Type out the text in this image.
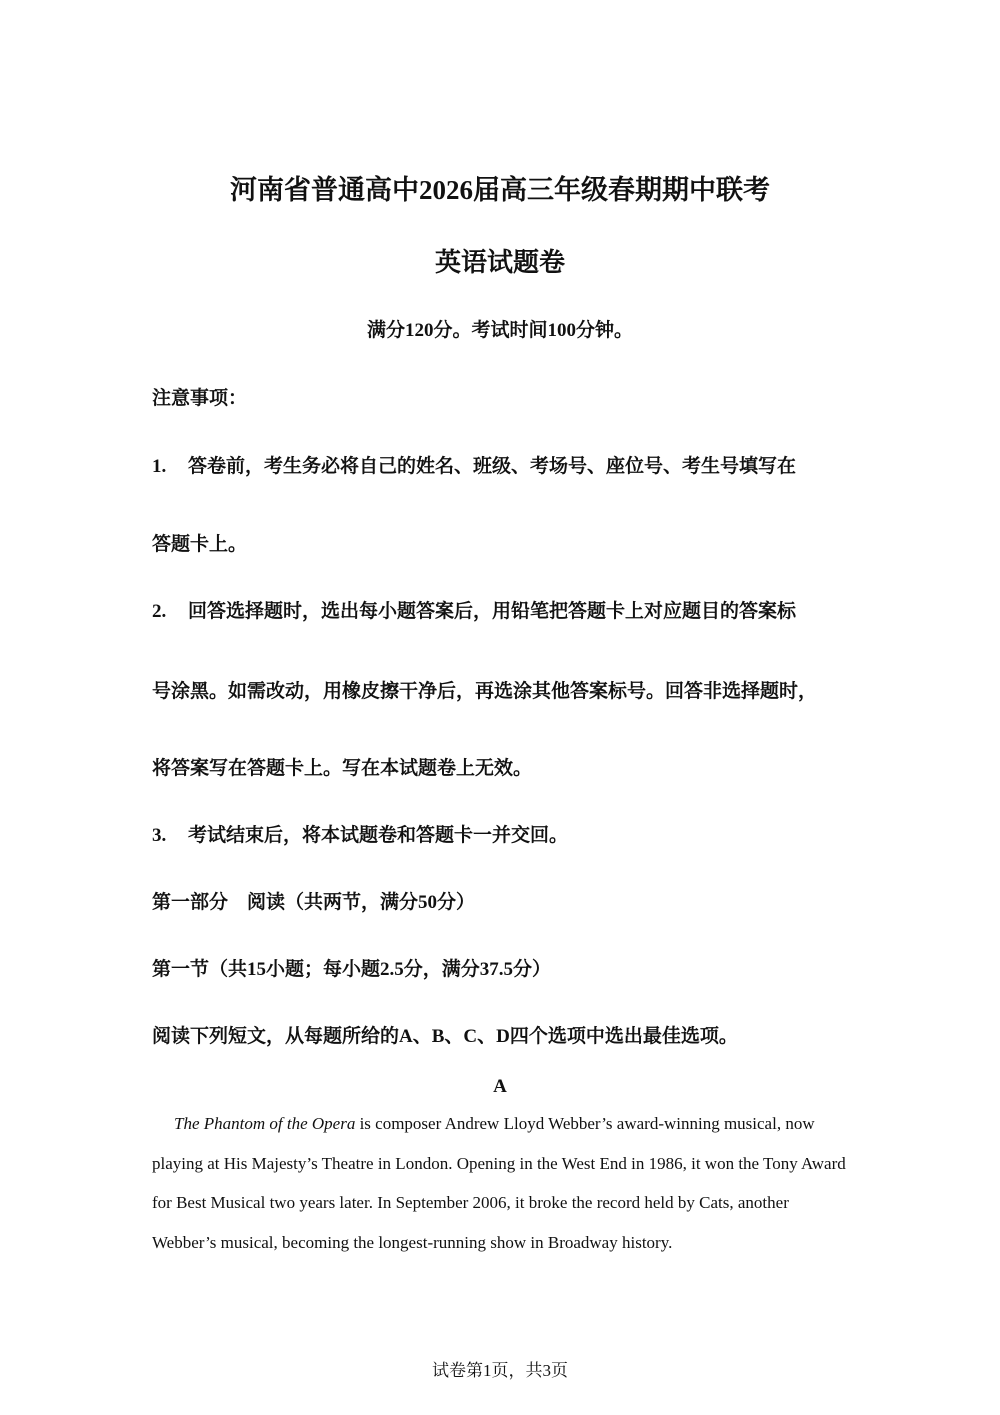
河南省普通高中2026届高三年级春期期中联考
英语试题卷
满分120分。考试时间100分钟。
注意事项：
1. 答卷前，考生务必将自己的姓名、班级、考场号、座位号、考生号填写在
答题卡上。
2. 回答选择题时，选出每小题答案后，用铅笔把答题卡上对应题目的答案标
号涂黑。如需改动，用橡皮擦干净后，再选涂其他答案标号。回答非选择题时，
将答案写在答题卡上。写在本试题卷上无效。
3. 考试结束后，将本试题卷和答题卡一并交回。
第一部分　阅读（共两节，满分50分）
第一节（共15小题；每小题2.5分，满分37.5分）
阅读下列短文，从每题所给的A、B、C、D四个选项中选出最佳选项。
A
The Phantom of the Opera is composer Andrew Lloyd Webber’s award-winning musical, now playing at His Majesty’s Theatre in London. Opening in the West End in 1986, it won the Tony Award for Best Musical two years later. In September 2006, it broke the record held by Cats, another Webber’s musical, becoming the longest-running show in Broadway history.
试卷第1页，共3页
